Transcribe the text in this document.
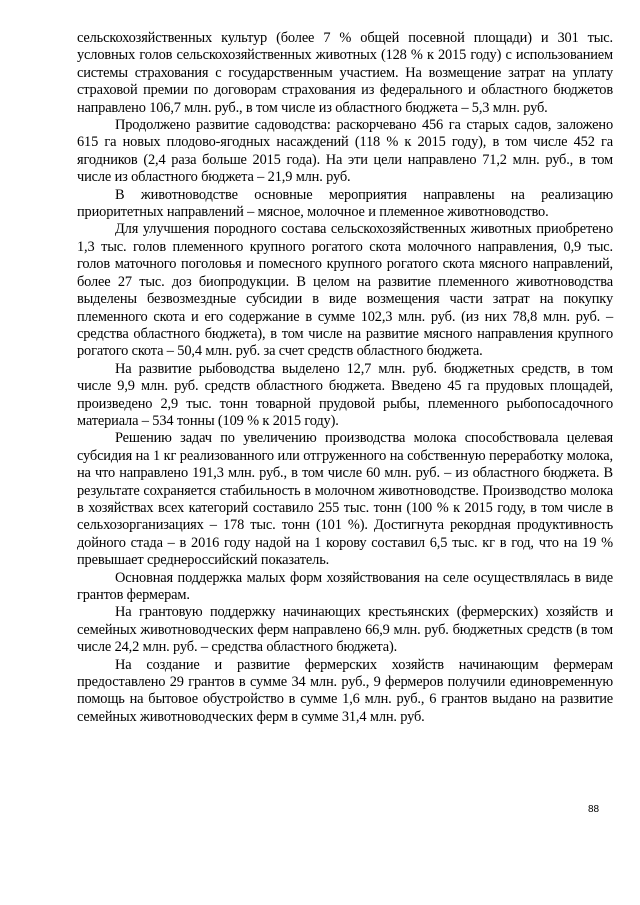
сельскохозяйственных культур (более 7 % общей посевной площади) и 301 тыс. условных голов сельскохозяйственных животных (128 % к 2015 году) с использованием системы страхования с государственным участием. На возмещение затрат на уплату страховой премии по договорам страхования из федерального и областного бюджетов направлено 106,7 млн. руб., в том числе из областного бюджета – 5,3 млн. руб.

Продолжено развитие садоводства: раскорчевано 456 га старых садов, заложено 615 га новых плодово-ягодных насаждений (118 % к 2015 году), в том числе 452 га ягодников (2,4 раза больше 2015 года). На эти цели направлено 71,2 млн. руб., в том числе из областного бюджета – 21,9 млн. руб.

В животноводстве основные мероприятия направлены на реализацию приоритетных направлений – мясное, молочное и племенное животноводство.

Для улучшения породного состава сельскохозяйственных животных приобретено 1,3 тыс. голов племенного крупного рогатого скота молочного направления, 0,9 тыс. голов маточного поголовья и помесного крупного рогатого скота мясного направлений, более 27 тыс. доз биопродукции. В целом на развитие племенного животноводства выделены безвозмездные субсидии в виде возмещения части затрат на покупку племенного скота и его содержание в сумме 102,3 млн. руб. (из них 78,8 млн. руб. – средства областного бюджета), в том числе на развитие мясного направления крупного рогатого скота – 50,4 млн. руб. за счет средств областного бюджета.

На развитие рыбоводства выделено 12,7 млн. руб. бюджетных средств, в том числе 9,9 млн. руб. средств областного бюджета. Введено 45 га прудовых площадей, произведено 2,9 тыс. тонн товарной прудовой рыбы, племенного рыбопосадочного материала – 534 тонны (109 % к 2015 году).

Решению задач по увеличению производства молока способствовала целевая субсидия на 1 кг реализованного или отгруженного на собственную переработку молока, на что направлено 191,3 млн. руб., в том числе 60 млн. руб. – из областного бюджета. В результате сохраняется стабильность в молочном животноводстве. Производство молока в хозяйствах всех категорий составило 255 тыс. тонн (100 % к 2015 году, в том числе в сельхозорганизациях – 178 тыс. тонн (101 %). Достигнута рекордная продуктивность дойного стада – в 2016 году надой на 1 корову составил 6,5 тыс. кг в год, что на 19 % превышает среднероссийский показатель.

Основная поддержка малых форм хозяйствования на селе осуществлялась в виде грантов фермерам.

На грантовую поддержку начинающих крестьянских (фермерских) хозяйств и семейных животноводческих ферм направлено 66,9 млн. руб. бюджетных средств (в том числе 24,2 млн. руб. – средства областного бюджета).

На создание и развитие фермерских хозяйств начинающим фермерам предоставлено 29 грантов в сумме 34 млн. руб., 9 фермеров получили единовременную помощь на бытовое обустройство в сумме 1,6 млн. руб., 6 грантов выдано на развитие семейных животноводческих ферм в сумме 31,4 млн. руб.

88
